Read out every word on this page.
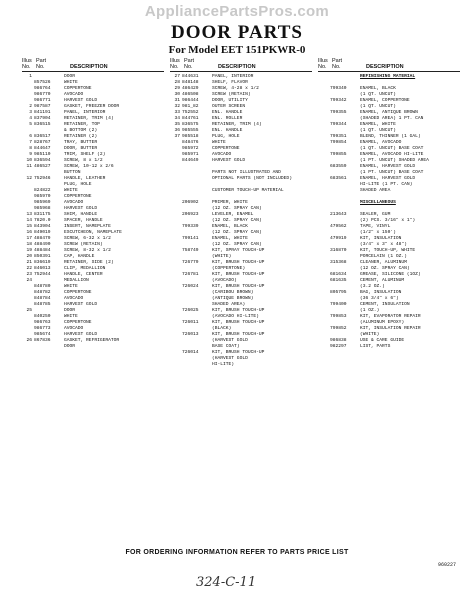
AppliancePartsPros.com
DOOR PARTS
For Model EET 151PKWR-0
Illus Part
No. No.	DESCRIPTION
1	DOOR
857526	WHITE
986764	COPPERTONE
986770	AVOCADO
986771	HARVEST GOLD
2 987587	GASKET, FREEZER DOOR
3 841191	PANEL, INTERIOR
4 837904	RETAINER, TRIM (4)
5 836515	RETAINER, TOP
& BOTTOM (2)
6 836517	RETAINER (2)
7 828767	TRAY, BUTTER
8 844647	DOOR, BUTTER
9 985110	TRIM, SHELF (2)
10 836594	SCREW, 8 x 1/2
11 486527	SCREW, 10-12 x 2/6
BUTTON
12 752946	HANDLE, LEATHER
PLUG, HOLE
824822	WHITE
985970	COPPERTONE
985969	AVOCADO
985968	HARVEST GOLD
13 831175	SHIM, HANDLE
14 7820.0	SPACER, HANDLE
15 843904	INSERT, NAMEPLATE
16 849019	ESCUTCHEON, NAMEPLATE
17 488479	SCREW, 6-32 x 1/2
18 488490	SCREW (RETAIN)
19 488484	SCREW, 8-32 x 1/2
20 850391	CAP, HANDLE
21 836619	RETAINER, SIDE (2)
22 846013	CLIP, MEDALLION
23 752944	HANDLE, CENTER
24	MEDALLION
848780	WHITE
848782	COPPERTONE
848784	AVOCADO
848785	HARVEST GOLD
25	DOOR
840250	WHITE
986763	COPPERTONE
986773	AVOCADO
985674	HARVEST GOLD
26 867836	GASKET, REFRIGERATOR
DOOR
Illus Part
No. No.	DESCRIPTION
27 844631	PANEL, INTERIOR
28 848148	SHELF, FLAVOR
29 486429	SCREW, 4-28 x 1/2
30 486508	SCREW (RETAIN)
31 986444	DOOR, UTILITY
32 981_82	OUTER SCREEN
33 752552	ENL. HANDLE
34 844761	ENL. ROLLER
35 836575	RETAINER, TRIM (4)
36 985555	ENL. HANDLE
37 985518	PLUG, HOLE
848476	WHITE
985972	COPPERTONE
985971	AVOCADO
844649	HARVEST GOLD
PARTS NOT ILLUSTRATED AND
OPTIONAL PARTS (NOT INCLUDED)
CUSTOMER TOUCH-UP MATERIAL
206902	PRIMER, WHITE
(12 OZ. SPRAY CAN)
206923	LEVELER, ENAMEL
(12 OZ. SPRAY CAN)
799339	ENAMEL, BLACK
(12 OZ. SPRAY CAN)
799141	ENAMEL, WHITE
(12 OZ. SPRAY CAN)
758749	KIT, SPRAY TOUCH-UP
(WHITE)
726779	KIT, BRUSH TOUCH-UP
(COPPERTONE)
726781	KIT, BRUSH TOUCH-UP
(AVOCADO)
726024	KIT, BRUSH TOUCH-UP
(CARIBOU BROWN)
(ANTIQUE BROWN)
SHADED AREA)
726025	KIT, BRUSH TOUCH-UP
(AVOCADO HI-LITE)
726011	KIT, BRUSH TOUCH-UP
(BLACK)
726013	KIT, BRUSH TOUCH-UP
(HARVEST GOLD
BASE COAT)
726014	KIT, BRUSH TOUCH-UP
(HARVEST GOLD
HI-LITE)
Illus Part
No. No.	DESCRIPTION
REFINISHING MATERIAL
799340	ENAMEL, BLACK
(1 QT. UNCUT)
799342	ENAMEL, COPPERTONE
(1 QT. UNCUT)
799355	ENAMEL, ANTIQUE BROWN
(SHADED AREA) 1 PT. CAN
799344	ENAMEL, WHITE
(1 QT. UNCUT)
799351	BLEND, THINNER (1 GAL)
799854	ENAMEL, AVOCADO
(1 QT. UNCUT) BASE COAT
799855	ENAMEL, AVOCADO HI-LITE
(1 PT. UNCUT) SHADED AREA
683559	ENAMEL, HARVEST GOLD
(1 PT. UNCUT) BASE COAT
683561	ENAMEL, HARVEST GOLD
HI-LITE (1 PT. CAN)
SHADED AREA
MISCELLANEOUS
213643	SEALER, GUM
(2) PCS. 3/16" x 1")
479562	TAPE, VINYL
(1/2" x 150')
479919	KIT, INSULATION
(3/4" x 3" x 48")
316870	KIT, TOUCH-UP, WHITE
PORCELAIN (1 OZ.)
315368	CLEANER, ALUMINUM
(12 OZ. SPRAY CAN)
681634	GREASE, SILICONE (1OZ)
681635	CEMENT, ALUMINUM
(3.2 OZ.)
805795	BAG, INSULATION
(36 3/4" x 6")
799400	CEMENT, INSULATION
(1 OZ.)
799853	KIT, EVAPORATOR REPAIR
(ALUMINUM EPOXY)
799852	KIT, INSULATION REPAIR
(WHITE)
986838	USE & CARE GUIDE
982297	LIST, PARTS
FOR ORDERING INFORMATION REFER TO PARTS PRICE LIST
960227
324-C-11
